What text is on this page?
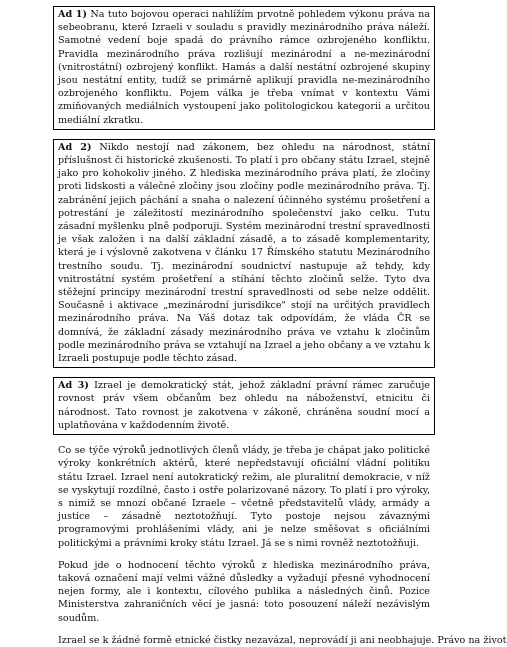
Ad 1) Na tuto bojovou operaci nahlížím prvotně pohledem výkonu práva na sebeobranu, které Izraeli v souladu s pravidly mezinárodního práva náleží. Samotné vedení boje spadá do právního rámce ozbrojeného konfliktu. Pravidla mezinárodního práva rozlišují mezinárodní a ne-mezinárodní (vnitrostátní) ozbrojený konflikt. Hamás a další nestátní ozbrojené skupiny jsou nestátní entity, tudíž se primárně aplikují pravidla ne-mezinárodního ozbrojeného konfliktu. Pojem válka je třeba vnímat v kontextu Vámi zmiňovaných mediálních vystoupení jako politologickou kategorii a určitou mediální zkratku.
Ad 2) Nikdo nestojí nad zákonem, bez ohledu na národnost, státní příslušnost či historické zkušenosti. To platí i pro občany státu Izrael, stejně jako pro kohokoliv jiného. Z hlediska mezinárodního práva platí, že zločiny proti lidskosti a válečné zločiny jsou zločiny podle mezinárodního práva. Tj. zabránění jejich páchání a snaha o nalezení účinného systému prošetření a potrestání je záležitostí mezinárodního společenství jako celku. Tutu zásadní myšlenku plně podporuji. Systém mezinárodní trestní spravedlnosti je však založen i na další základní zásadě, a to zásadě komplementarity, která je i výslovně zakotvena v článku 17 Římského statutu Mezinárodního trestního soudu. Tj. mezinárodní soudnictví nastupuje až tehdy, kdy vnitrostátní systém prošetření a stíhání těchto zločinů selže. Tyto dva stěžejní principy mezinárodní trestní spravedlnosti od sebe nelze oddělit. Současně i aktivace „mezinárodní jurisdikce" stojí na určitých pravidlech mezinárodního práva. Na Váš dotaz tak odpovídám, že vláda ČR se domnívá, že základní zásady mezinárodního práva ve vztahu k zločinům podle mezinárodního práva se vztahují na Izrael a jeho občany a ve vztahu k Izraeli postupuje podle těchto zásad.
Ad 3) Izrael je demokratický stát, jehož základní právní rámec zaručuje rovnost práv všem občanům bez ohledu na náboženství, etnicitu či národnost. Tato rovnost je zakotvena v zákoně, chráněna soudní mocí a uplatňována v každodenním životě.

Co se týče výroků jednotlivých členů vlády, je třeba je chápat jako politické výroky konkrétních aktérů, které nepředstavují oficiální vládní politiku státu Izrael. Izrael není autokratický režim, ale pluralitní demokracie, v níž se vyskytují rozdílné, často i ostře polarizované názory. To platí i pro výroky, s nimiž se mnozí občané Izraele – včetně představitelů vlády, armády a justice – zásadně neztotožňují. Tyto postoje nejsou závaznými programovými prohlášeními vlády, ani je nelze směšovat s oficiálními politickými a právními kroky státu Izrael. Já se s nimi rovněž neztotožňuji.

Pokud jde o hodnocení těchto výroků z hlediska mezinárodního práva, taková označení mají velmi vážné důsledky a vyžadují přesné vyhodnocení nejen formy, ale i kontextu, cílového publika a následných činů. Pozice Ministerstva zahraničních věcí je jasná: toto posouzení náleží nezávislým soudům.

Izrael se k žádné formě etnické čistky nezavázal, neprovádí ji ani neobhajuje. Právo na život
